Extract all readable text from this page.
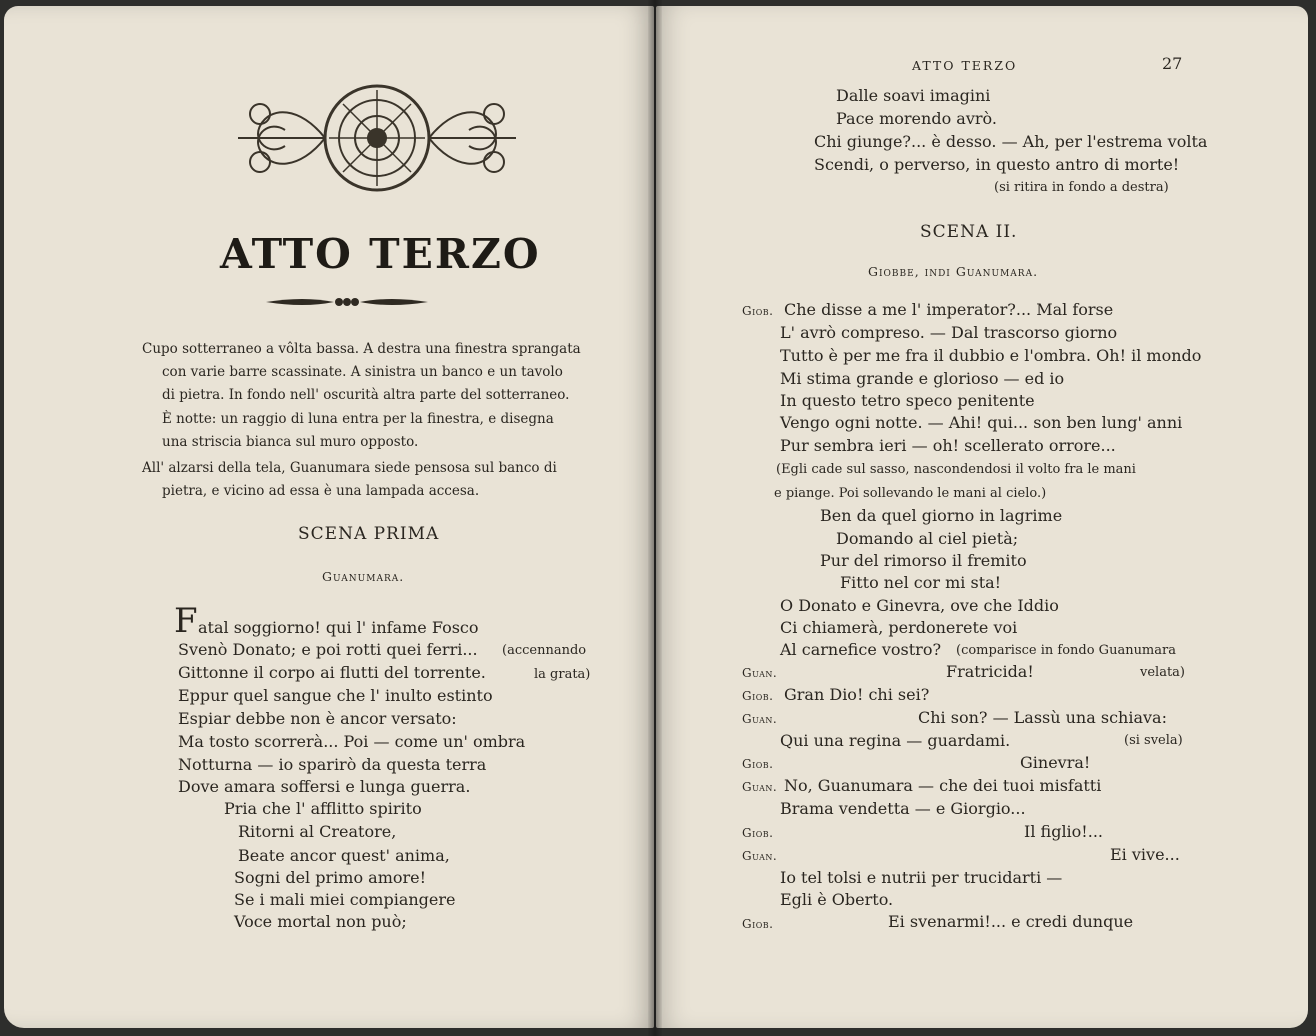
ATTO TERZO
Cupo sotterraneo a vôlta bassa. A destra una finestra sprangata
con varie barre scassinate. A sinistra un banco e un tavolo
di pietra. In fondo nell' oscurità altra parte del sotterraneo.
È notte: un raggio di luna entra per la finestra, e disegna
una striscia bianca sul muro opposto.
All' alzarsi della tela, Guanumara siede pensosa sul banco di
pietra, e vicino ad essa è una lampada accesa.
SCENA PRIMA
Guanumara.
F atal soggiorno! qui l' infame Fosco
Svenò Donato; e poi rotti quei ferri...
Gittonne il corpo ai flutti del torrente.
Eppur quel sangue che l' inulto estinto
Espiar debbe non è ancor versato:
Ma tosto scorrerà... Poi — come un' ombra
Notturna — io sparirò da questa terra
Dove amara soffersi e lunga guerra.
Pria che l' afflitto spirito
Ritorni al Creatore,
Beate ancor quest' anima,
Sogni del primo amore!
Se i mali miei compiangere
Voce mortal non può;
(accennando
la grata)
ATTO TERZO	27
Dalle soavi imagini
Pace morendo avrò.
Chi giunge?... è desso. — Ah, per l'estrema volta
Scendi, o perverso, in questo antro di morte!
(si ritira in fondo a destra)
SCENA II.
Giobbe, indi Guanumara.
Giob. Che disse a me l' imperator?... Mal forse
L' avrò compreso. — Dal trascorso giorno
Tutto è per me fra il dubbio e l'ombra. Oh! il mondo
Mi stima grande e glorioso — ed io
In questo tetro speco penitente
Vengo ogni notte. — Ahi! qui... son ben lung' anni
Pur sembra ieri — oh! scellerato orrore...
(Egli cade sul sasso, nascondendosi il volto fra le mani
e piange. Poi sollevando le mani al cielo.)
Ben da quel giorno in lagrime
Domando al ciel pietà;
Pur del rimorso il fremito
Fitto nel cor mi sta!
O Donato e Ginevra, ove che Iddio
Ci chiamerà, perdonerete voi
Al carnefice vostro? (comparisce in fondo Guanumara
Guan.	Fratricida!	velata)
Giob. Gran Dio! chi sei?
Guan.	Chi son? — Lassù una schiava:
Qui una regina — guardami.	(si svela)
Giob.	Ginevra!
Guan. No, Guanumara — che dei tuoi misfatti
Brama vendetta — e Giorgio...
Giob.	Il figlio!...
Guan.	Ei vive...
Io tel tolsi e nutrii per trucidarti —
Egli è Oberto.
Giob.	Ei svenarmi!... e credi dunque
